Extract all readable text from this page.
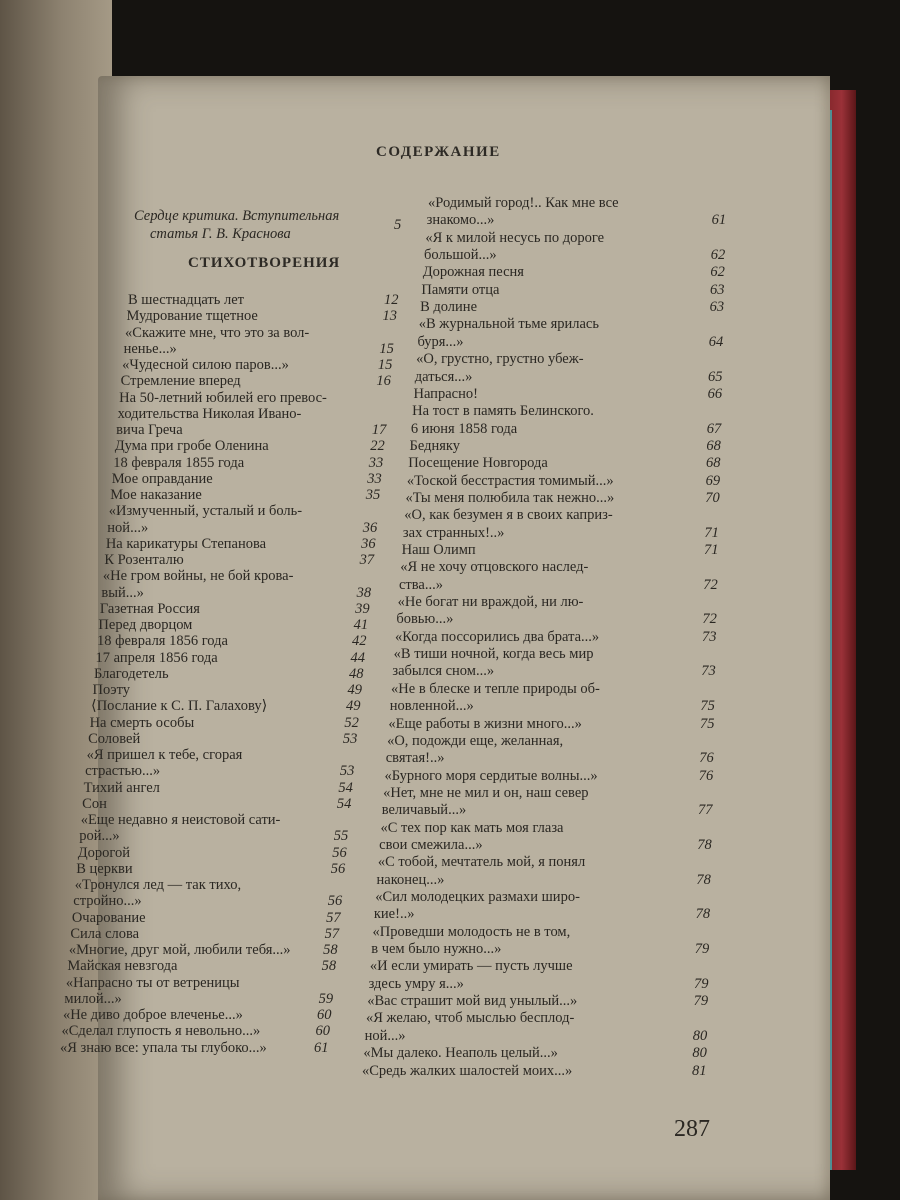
СОДЕРЖАНИЕ
Сердце критика. Вступительная
статья Г. В. Краснова
5
СТИХОТВОРЕНИЯ
В шестнадцать лет	12
Мудрование тщетное	13
«Скажите мне, что это за вол-
ненье...»	15
«Чудесной силою паров...»	15
Стремление вперед	16
На 50-летний юбилей его превос-
ходительства Николая Ивано-
вича Греча	17
Дума при гробе Оленина	22
18 февраля 1855 года	33
Мое оправдание	33
Мое наказание	35
«Измученный, усталый и боль-
ной...»	36
На карикатуры Степанова	36
К Розенталю	37
«Не гром войны, не бой крова-
вый...»	38
Газетная Россия	39
Перед дворцом	41
18 февраля 1856 года	42
17 апреля 1856 года	44
Благодетель	48
Поэту	49
⟨Послание к С. П. Галахову⟩	49
На смерть особы	52
Соловей	53
«Я пришел к тебе, сгорая
страстью...»	53
Тихий ангел	54
Сон	54
«Еще недавно я неистовой сати-
рой...»	55
Дорогой	56
В церкви	56
«Тронулся лед — так тихо,
стройно...»	56
Очарование	57
Сила слова	57
«Многие, друг мой, любили тебя...» 58
Майская невзгода	58
«Напрасно ты от ветреницы
милой...»	59
«Не диво доброе влеченье...»	60
«Сделал глупость я невольно...»	60
«Я знаю все: упала ты глубоко...»	61
«Родимый город!.. Как мне все
знакомо...»	61
«Я к милой несусь по дороге
большой...»	62
Дорожная песня	62
Памяти отца	63
В долине	63
«В журнальной тьме ярилась
буря...»	64
«О, грустно, грустно убеж-
даться...»	65
Напрасно!	66
На тост в память Белинского.
6 июня 1858 года	67
Бедняку	68
Посещение Новгорода	68
«Тоской бесстрастия томимый...»	69
«Ты меня полюбила так нежно...»	70
«О, как безумен я в своих каприз-
зах странных!..»	71
Наш Олимп	71
«Я не хочу отцовского наслед-
ства...»	72
«Не богат ни враждой, ни лю-
бовью...»	72
«Когда поссорились два брата...»	73
«В тиши ночной, когда весь мир
забылся сном...»	73
«Не в блеске и тепле природы об-
новленной...»	75
«Еще работы в жизни много...»	75
«О, подожди еще, желанная,
святая!..»	76
«Бурного моря сердитые волны...»	76
«Нет, мне не мил и он, наш север
величавый...»	77
«С тех пор как мать моя глаза
свои смежила...»	78
«С тобой, мечтатель мой, я понял
наконец...»	78
«Сил молодецких размахи широ-
кие!..»	78
«Проведши молодость не в том,
в чем было нужно...»	79
«И если умирать — пусть лучше
здесь умру я...»	79
«Вас страшит мой вид унылый...»	79
«Я желаю, чтоб мыслью бесплод-
ной...»	80
«Мы далеко. Неаполь целый...»	80
«Средь жалких шалостей моих...»	81
287
